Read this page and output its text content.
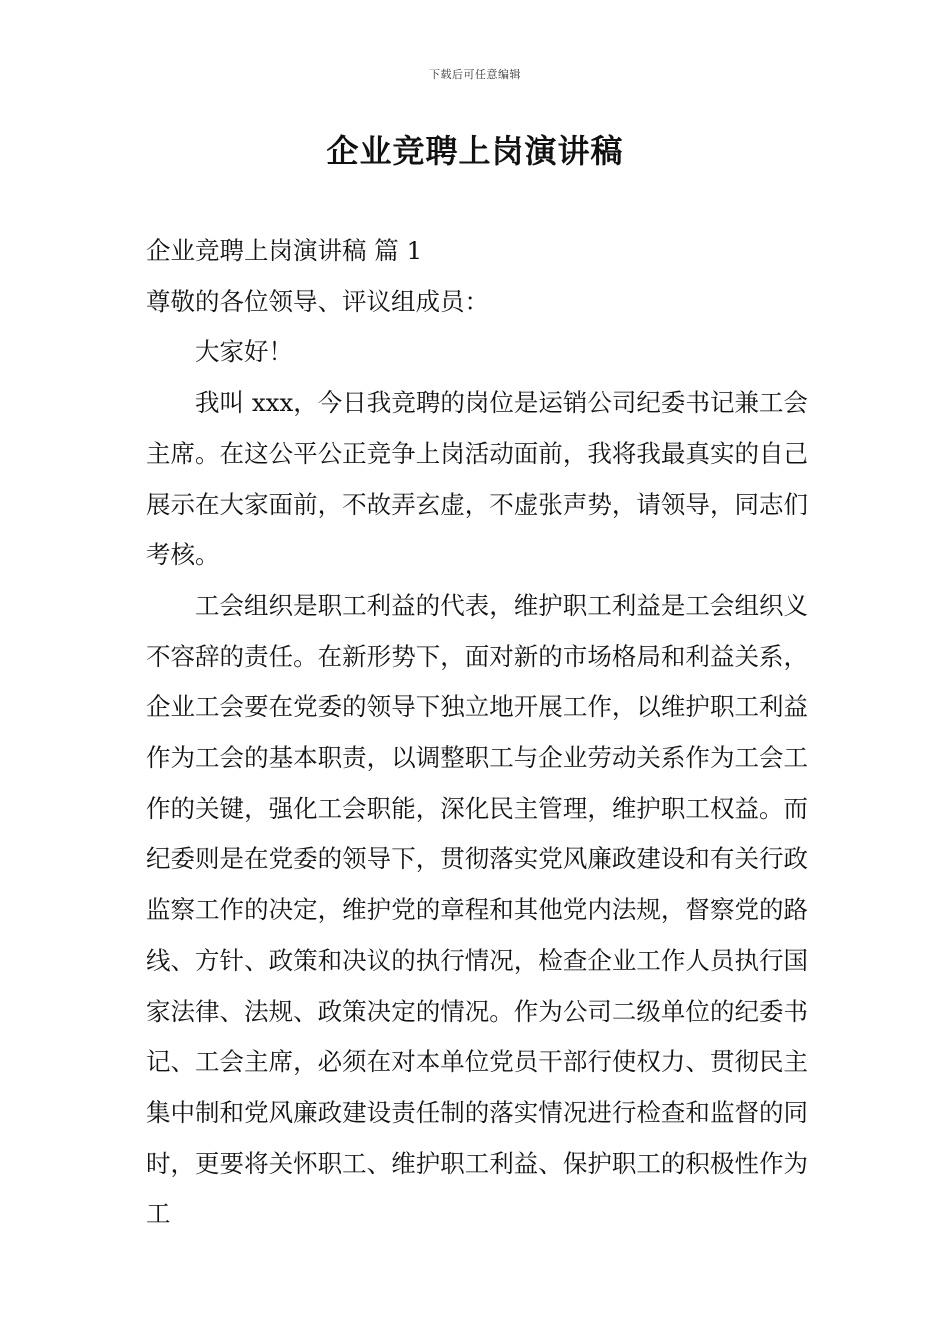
下载后可任意编辑
企业竞聘上岗演讲稿

企业竞聘上岗演讲稿 篇 1

尊敬的各位领导、评议组成员：

大家好！

我叫 xxx，今日我竞聘的岗位是运销公司纪委书记兼工会主席。在这公平公正竞争上岗活动面前，我将我最真实的自己展示在大家面前，不故弄玄虚，不虚张声势，请领导，同志们考核。

工会组织是职工利益的代表，维护职工利益是工会组织义不容辞的责任。在新形势下，面对新的市场格局和利益关系，企业工会要在党委的领导下独立地开展工作，以维护职工利益作为工会的基本职责，以调整职工与企业劳动关系作为工会工作的关键，强化工会职能，深化民主管理，维护职工权益。而纪委则是在党委的领导下，贯彻落实党风廉政建设和有关行政监察工作的决定，维护党的章程和其他党内法规，督察党的路线、方针、政策和决议的执行情况，检查企业工作人员执行国家法律、法规、政策决定的情况。作为公司二级单位的纪委书记、工会主席，必须在对本单位党员干部行使权力、贯彻民主集中制和党风廉政建设责任制的落实情况进行检查和监督的同时，更要将关怀职工、维护职工利益、保护职工的积极性作为工
